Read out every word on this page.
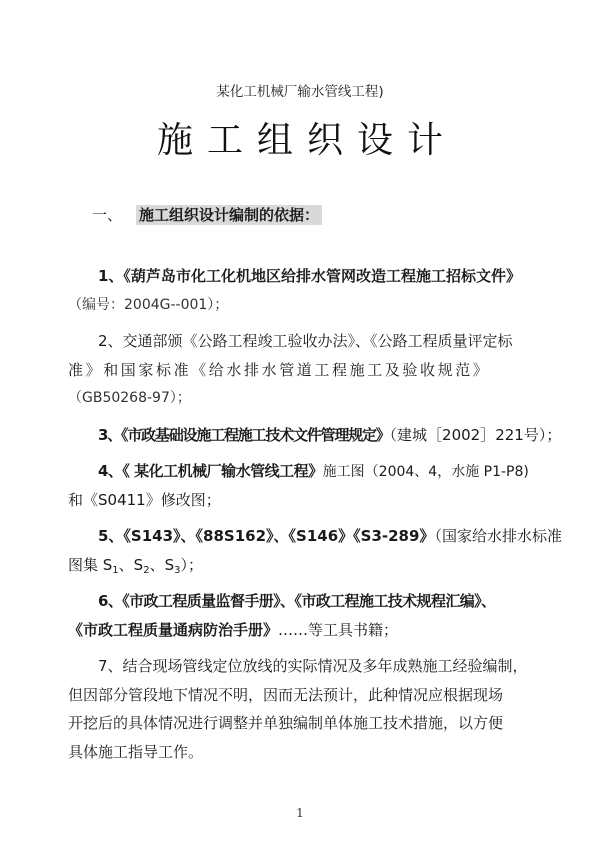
某化工机械厂输水管线工程)
施工组织设计
一、 施工组织设计编制的依据：
1、《葫芦岛市化工化机地区给排水管网改造工程施工招标文件》
（编号：2004G--001）；
2、交通部颁《公路工程竣工验收办法》、《公路工程质量评定标
准》和国家标准《给水排水管道工程施工及验收规范》
（GB50268-97）；
3、《市政基础设施工程施工技术文件管理规定》（建城［2002］221号）；
4、《 某化工机械厂输水管线工程》施工图（2004、4，水施 P1-P8)
和《S0411》修改图；
5、《S143》、《88S162》、《S146》《S3-289》（国家给水排水标准
图集 $S_1$、$S_2$、$S_3$）；
6、《市政工程质量监督手册》、《市政工程施工技术规程汇编》、
《市政工程质量通病防治手册》……等工具书籍；
7、结合现场管线定位放线的实际情况及多年成熟施工经验编制，
但因部分管段地下情况不明，因而无法预计，此种情况应根据现场
开挖后的具体情况进行调整并单独编制单体施工技术措施，以方便
具体施工指导工作。
1
